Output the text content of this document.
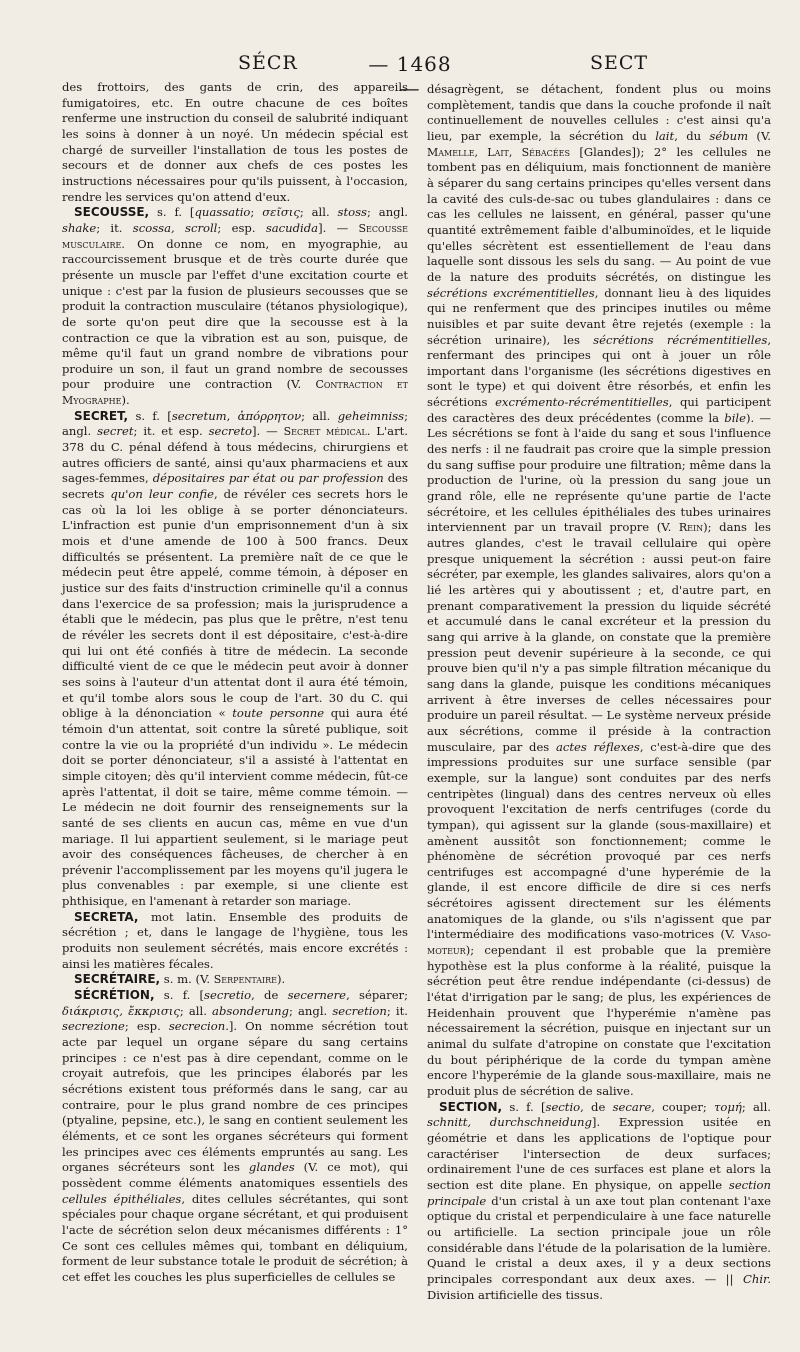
SÉCR	— 1468 —
SECT

des frottoirs, des gants de crin, des appareils fumigatoires, etc. En outre chacune de ces boîtes renferme une instruction du conseil de salubrité indiquant les soins à donner à un noyé. Un médecin spécial est chargé de surveiller l'installation de tous les postes de secours et de donner aux chefs de ces postes les instructions nécessaires pour qu'ils puissent, à l'occasion, rendre les services qu'on attend d'eux.

SECOUSSE, s. f. [quassatio; σεῖσις; all. stoss; angl. shake; it. scossa, scroll; esp. sacudida]. — Secousse musculaire. On donne ce nom, en myographie, au raccourcissement brusque et de très courte durée que présente un muscle par l'effet d'une excitation courte et unique : c'est par la fusion de plusieurs secousses que se produit la contraction musculaire (tétanos physiologique), de sorte qu'on peut dire que la secousse est à la contraction ce que la vibration est au son, puisque, de même qu'il faut un grand nombre de vibrations pour produire un son, il faut un grand nombre de secousses pour produire une contraction (V. Contraction et Myographe).

SECRET, s. f. [secretum, ἀπόρρητον; all. geheimniss; angl. secret; it. et esp. secreto]. — Secret médical. L'art. 378 du C. pénal défend à tous médecins, chirurgiens et autres officiers de santé, ainsi qu'aux pharmaciens et aux sages-femmes, dépositaires par état ou par profession des secrets qu'on leur confie, de révéler ces secrets hors le cas où la loi les oblige à se porter dénonciateurs. L'infraction est punie d'un emprisonnement d'un à six mois et d'une amende de 100 à 500 francs. Deux difficultés se présentent. La première naît de ce que le médecin peut être appelé, comme témoin, à déposer en justice sur des faits d'instruction criminelle qu'il a connus dans l'exercice de sa profession; mais la jurisprudence a établi que le médecin, pas plus que le prêtre, n'est tenu de révéler les secrets dont il est dépositaire, c'est-à-dire qui lui ont été confiés à titre de médecin. La seconde difficulté vient de ce que le médecin peut avoir à donner ses soins à l'auteur d'un attentat dont il aura été témoin, et qu'il tombe alors sous le coup de l'art. 30 du C. qui oblige à la dénonciation « toute personne qui aura été témoin d'un attentat, soit contre la sûreté publique, soit contre la vie ou la propriété d'un individu ». Le médecin doit se porter dénonciateur, s'il a assisté à l'attentat en simple citoyen; dès qu'il intervient comme médecin, fût-ce après l'attentat, il doit se taire, même comme témoin. — Le médecin ne doit fournir des renseignements sur la santé de ses clients en aucun cas, même en vue d'un mariage. Il lui appartient seulement, si le mariage peut avoir des conséquences fâcheuses, de chercher à en prévenir l'accomplissement par les moyens qu'il jugera le plus convenables : par exemple, si une cliente est phthisique, en l'amenant à retarder son mariage.

SECRETA, mot latin. Ensemble des produits de sécrétion ; et, dans le langage de l'hygiène, tous les produits non seulement sécrétés, mais encore excrétés : ainsi les matières fécales.

SECRÉTAIRE, s. m. (V. Serpentaire).

SÉCRÉTION, s. f. [secretio, de secernere, séparer; διάκρισις, ἔκκρισις; all. absonderung; angl. secretion; it. secrezione; esp. secrecion.]. On nomme sécrétion tout acte par lequel un organe sépare du sang certains principes : ce n'est pas à dire cependant, comme on le croyait autrefois, que les principes élaborés par les sécrétions existent tous préformés dans le sang, car au contraire, pour le plus grand nombre de ces principes (ptyaline, pepsine, etc.), le sang en contient seulement les éléments, et ce sont les organes sécréteurs qui forment les principes avec ces éléments empruntés au sang. Les organes sécréteurs sont les glandes (V. ce mot), qui possèdent comme éléments anatomiques essentiels des cellules épithéliales, dites cellules sécrétantes, qui sont spéciales pour chaque organe sécrétant, et qui produisent l'acte de sécrétion selon deux mécanismes différents : 1° Ce sont ces cellules mêmes qui, tombant en déliquium, forment de leur substance totale le produit de sécrétion; à cet effet les couches les plus superficielles de cellules se

désagrègent, se détachent, fondent plus ou moins complètement, tandis que dans la couche profonde il naît continuellement de nouvelles cellules : c'est ainsi qu'a lieu, par exemple, la sécrétion du lait, du sébum (V. Mamelle, Lait, Sébacées [Glandes]); 2° les cellules ne tombent pas en déliquium, mais fonctionnent de manière à séparer du sang certains principes qu'elles versent dans la cavité des culs-de-sac ou tubes glandulaires : dans ce cas les cellules ne laissent, en général, passer qu'une quantité extrêmement faible d'albuminoïdes, et le liquide qu'elles sécrètent est essentiellement de l'eau dans laquelle sont dissous les sels du sang. — Au point de vue de la nature des produits sécrétés, on distingue les sécrétions excrémentitielles, donnant lieu à des liquides qui ne renferment que des principes inutiles ou même nuisibles et par suite devant être rejetés (exemple : la sécrétion urinaire), les sécrétions récrémentitielles, renfermant des principes qui ont à jouer un rôle important dans l'organisme (les sécrétions digestives en sont le type) et qui doivent être résorbés, et enfin les sécrétions excrémento-récrémentitielles, qui participent des caractères des deux précédentes (comme la bile). — Les sécrétions se font à l'aide du sang et sous l'influence des nerfs : il ne faudrait pas croire que la simple pression du sang suffise pour produire une filtration; même dans la production de l'urine, où la pression du sang joue un grand rôle, elle ne représente qu'une partie de l'acte sécrétoire, et les cellules épithéliales des tubes urinaires interviennent par un travail propre (V. Rein); dans les autres glandes, c'est le travail cellulaire qui opère presque uniquement la sécrétion : aussi peut-on faire sécréter, par exemple, les glandes salivaires, alors qu'on a lié les artères qui y aboutissent ; et, d'autre part, en prenant comparativement la pression du liquide sécrété et accumulé dans le canal excréteur et la pression du sang qui arrive à la glande, on constate que la première pression peut devenir supérieure à la seconde, ce qui prouve bien qu'il n'y a pas simple filtration mécanique du sang dans la glande, puisque les conditions mécaniques arrivent à être inverses de celles nécessaires pour produire un pareil résultat. — Le système nerveux préside aux sécrétions, comme il préside à la contraction musculaire, par des actes réflexes, c'est-à-dire que des impressions produites sur une surface sensible (par exemple, sur la langue) sont conduites par des nerfs centripètes (lingual) dans des centres nerveux où elles provoquent l'excitation de nerfs centrifuges (corde du tympan), qui agissent sur la glande (sous-maxillaire) et amènent aussitôt son fonctionnement; comme le phénomène de sécrétion provoqué par ces nerfs centrifuges est accompagné d'une hyperémie de la glande, il est encore difficile de dire si ces nerfs sécrétoires agissent directement sur les éléments anatomiques de la glande, ou s'ils n'agissent que par l'intermédiaire des modifications vaso-motrices (V. Vaso-moteur); cependant il est probable que la première hypothèse est la plus conforme à la réalité, puisque la sécrétion peut être rendue indépendante (ci-dessus) de l'état d'irrigation par le sang; de plus, les expériences de Heidenhain prouvent que l'hyperémie n'amène pas nécessairement la sécrétion, puisque en injectant sur un animal du sulfate d'atropine on constate que l'excitation du bout périphérique de la corde du tympan amène encore l'hyperémie de la glande sous-maxillaire, mais ne produit plus de sécrétion de salive.

SECTION, s. f. [sectio, de secare, couper; τομή; all. schnitt, durchschneidung]. Expression usitée en géométrie et dans les applications de l'optique pour caractériser l'intersection de deux surfaces; ordinairement l'une de ces surfaces est plane et alors la section est dite plane. En physique, on appelle section principale d'un cristal à un axe tout plan contenant l'axe optique du cristal et perpendiculaire à une face naturelle ou artificielle. La section principale joue un rôle considérable dans l'étude de la polarisation de la lumière. Quand le cristal a deux axes, il y a deux sections principales correspondant aux deux axes. — || Chir. Division artificielle des tissus.
